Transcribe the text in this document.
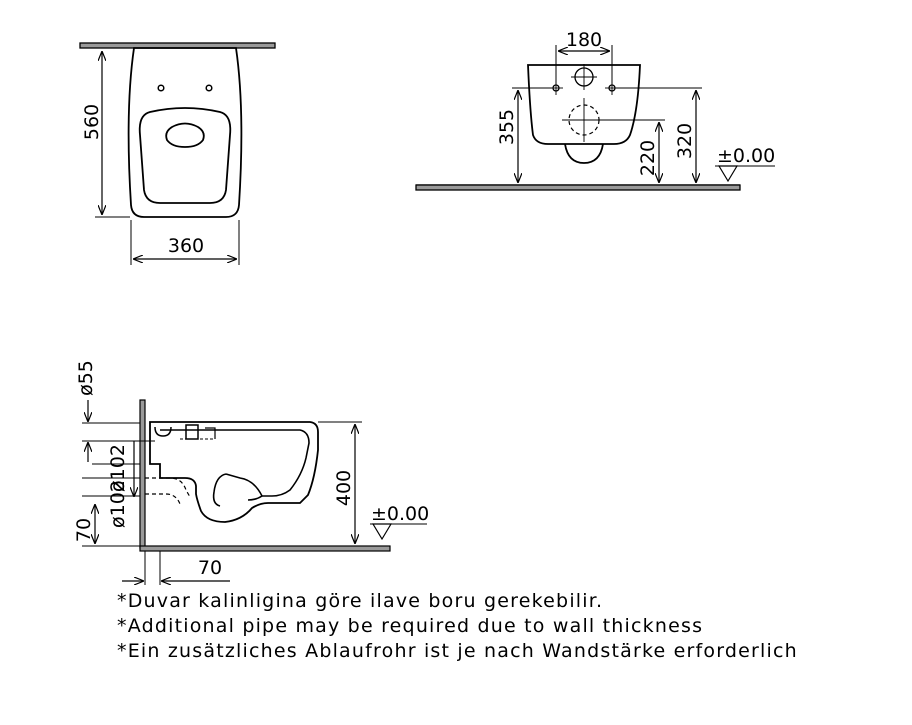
560
360
180
355
220 320 ±0.00
ø55
ø102
ø102
70
70
400
±0.00
*Duvar kalinligina göre ilave boru gerekebilir.
*Additional pipe may be required due to wall thickness
*Ein zusätzliches Ablaufrohr ist je nach Wandstärke erforderlich
